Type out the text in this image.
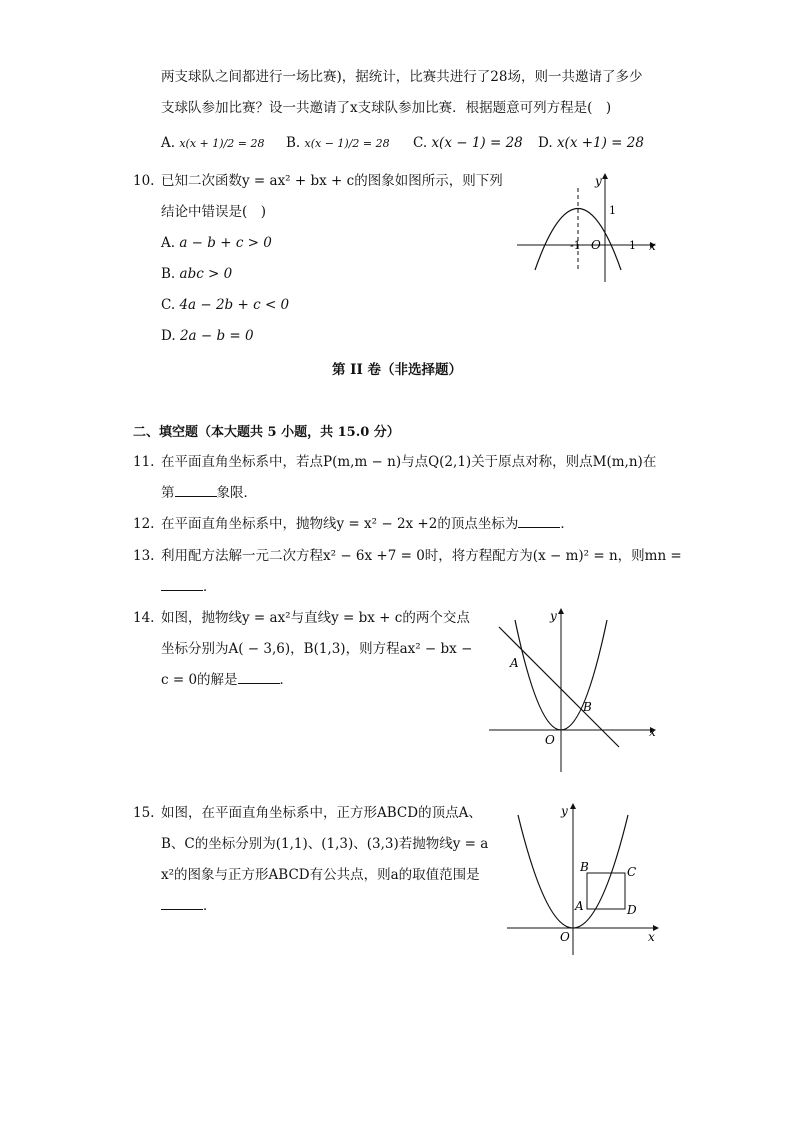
两支球队之间都进行一场比赛)，据统计，比赛共进行了28场，则一共邀请了多少
支球队参加比赛？设一共邀请了x支球队参加比赛．根据题意可列方程是(　)
A. x(x + 1)/2 = 28 B. x(x − 1)/2 = 28 C. x(x − 1) = 28 D. x(x +1) = 28
10. 已知二次函数y = ax² + bx + c的图象如图所示，则下列
结论中错误是(　)
A. a − b + c > 0
B. abc > 0
C. 4a − 2b + c < 0
D. 2a − b = 0
y
x
O
-1	1
1
第 II 卷（非选择题）
二、填空题（本大题共 5 小题，共 15.0 分）
11. 在平面直角坐标系中，若点P(m,m − n)与点Q(2,1)关于原点对称，则点M(m,n)在
第	象限．
12. 在平面直角坐标系中，抛物线y = x² − 2x +2的顶点坐标为	．
13. 利用配方法解一元二次方程x² − 6x +7 = 0时，将方程配方为(x − m)² = n，则mn =
．
14. 如图，抛物线y = ax²与直线y = bx + c的两个交点
坐标分别为A( − 3,6)，B(1,3)，则方程ax² − bx −
c = 0的解是	．
y
x
O
A
B
15. 如图，在平面直角坐标系中，正方形ABCD的顶点A、
B、C的坐标分别为(1,1)、(1,3)、(3,3)若抛物线y = a
x²的图象与正方形ABCD有公共点，则a的取值范围是
．
y
x
O
A
B	C
D
